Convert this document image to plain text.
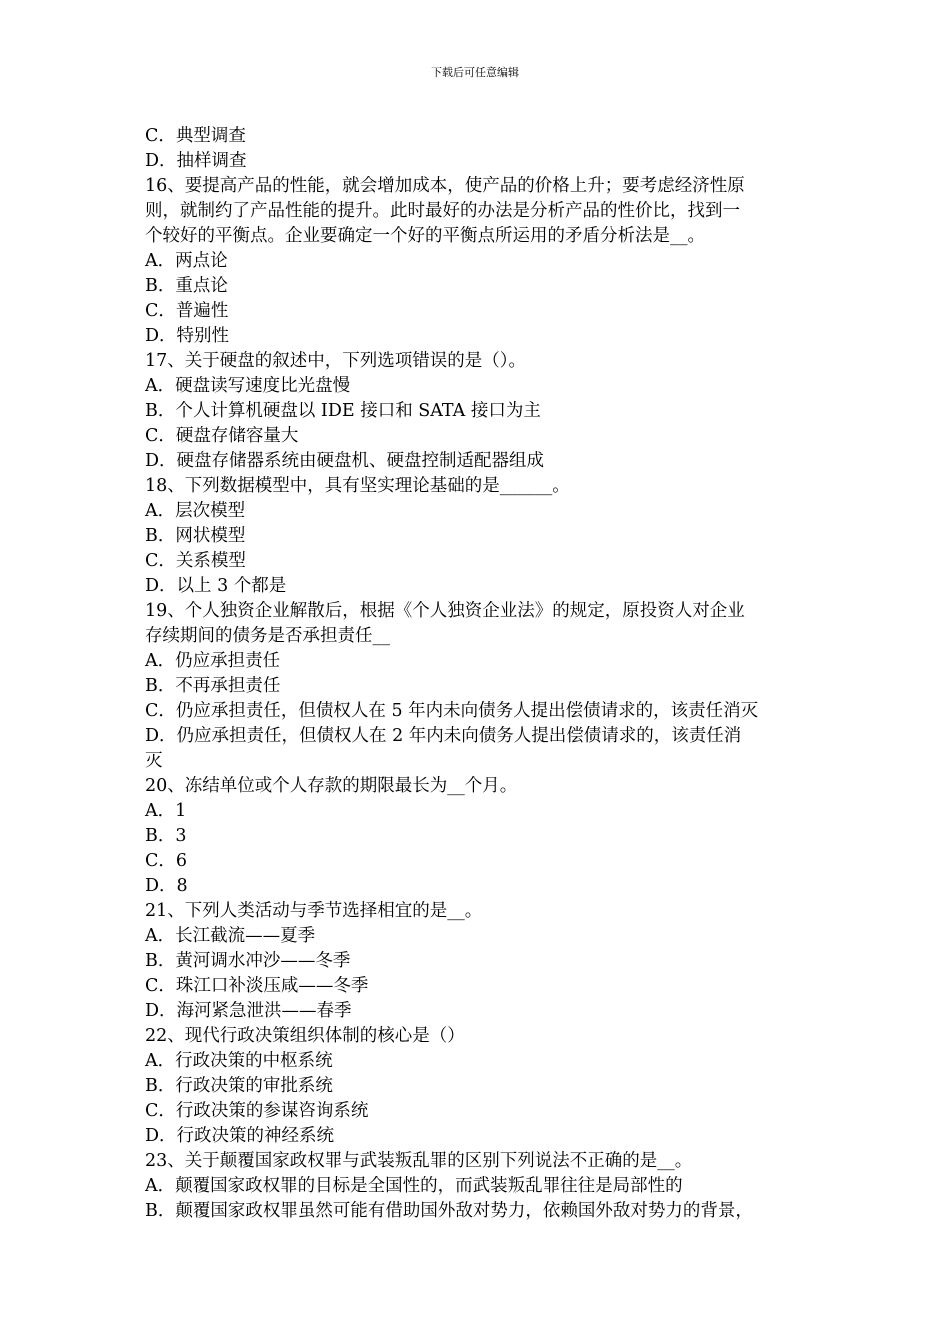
下载后可任意编辑
C．典型调查
D．抽样调查
16、要提高产品的性能，就会增加成本，使产品的价格上升；要考虑经济性原
则，就制约了产品性能的提升。此时最好的办法是分析产品的性价比，找到一
个较好的平衡点。企业要确定一个好的平衡点所运用的矛盾分析法是__。
A．两点论
B．重点论
C．普遍性
D．特别性
17、关于硬盘的叙述中，下列选项错误的是（）。
A．硬盘读写速度比光盘慢
B．个人计算机硬盘以 IDE 接口和 SATA 接口为主
C．硬盘存储容量大
D．硬盘存储器系统由硬盘机、硬盘控制适配器组成
18、下列数据模型中，具有坚实理论基础的是______。
A．层次模型
B．网状模型
C．关系模型
D．以上 3 个都是
19、个人独资企业解散后，根据《个人独资企业法》的规定，原投资人对企业
存续期间的债务是否承担责任__
A．仍应承担责任
B．不再承担责任
C．仍应承担责任，但债权人在 5 年内未向债务人提出偿债请求的，该责任消灭
D．仍应承担责任，但债权人在 2 年内未向债务人提出偿债请求的，该责任消
灭
20、冻结单位或个人存款的期限最长为__个月。
A．1
B．3
C．6
D．8
21、下列人类活动与季节选择相宜的是__。
A．长江截流——夏季
B．黄河调水冲沙——冬季
C．珠江口补淡压咸——冬季
D．海河紧急泄洪——春季
22、现代行政决策组织体制的核心是（）
A．行政决策的中枢系统
B．行政决策的审批系统
C．行政决策的参谋咨询系统
D．行政决策的神经系统
23、关于颠覆国家政权罪与武装叛乱罪的区别下列说法不正确的是__。
A．颠覆国家政权罪的目标是全国性的，而武装叛乱罪往往是局部性的
B．颠覆国家政权罪虽然可能有借助国外敌对势力，依赖国外敌对势力的背景，
